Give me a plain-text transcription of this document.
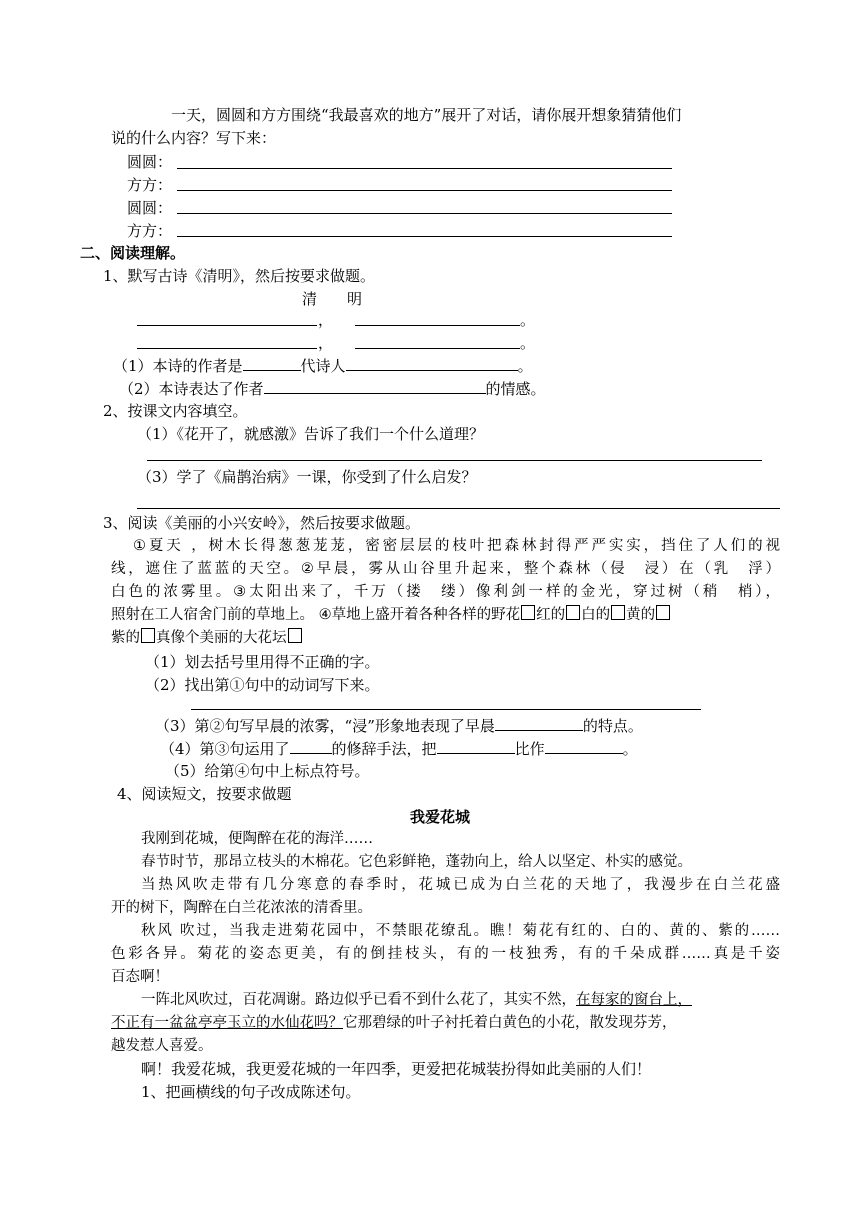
一天，圆圆和方方围绕“我最喜欢的地方”展开了对话，请你展开想象猜猜他们
说的什么内容？写下来：
圆圆：
方方：
圆圆：
方方：
二、阅读理解。
1、默写古诗《清明》，然后按要求做题。
清　　明
，	。
，	。
（1）本诗的作者是	代诗人	。
（2）本诗表达了作者	的情感。
2、按课文内容填空。
（1）《花开了，就感激》告诉了我们一个什么道理？
（3）学了《扁鹊治病》一课，你受到了什么启发？
3、阅读《美丽的小兴安岭》，然后按要求做题。
①夏天 ，树木长得葱葱茏茏，密密层层的枝叶把森林封得严严实实，挡住了人们的视
线，遮住了蓝蓝的天空。②早晨，雾从山谷里升起来，整个森林（侵　浸）在（乳　浮）
白色的浓雾里。③太阳出来了，千万（搂　缕）像利剑一样的金光，穿过树（稍　梢），
照射在工人宿舍门前的草地上。 ④草地上盛开着各种各样的野花 红的 白的 黄的
紫的 真像个美丽的大花坛
（1）划去括号里用得不正确的字。
（2）找出第①句中的动词写下来。
（3）第②句写早晨的浓雾，“浸”形象地表现了早晨	的特点。
（4）第③句运用了	的修辞手法，把	比作	。
（5）给第④句中上标点符号。
4、阅读短文，按要求做题
我爱花城
我刚到花城，便陶醉在花的海洋……
春节时节，那昂立枝头的木棉花。它色彩鲜艳，蓬勃向上，给人以坚定、朴实的感觉。
当热风吹走带有几分寒意的春季时，花城已成为白兰花的天地了，我漫步在白兰花盛
开的树下，陶醉在白兰花浓浓的清香里。
秋风 吹过，当我走进菊花园中，不禁眼花缭乱。瞧！菊花有红的、白的、黄的、紫的……
色彩各异。菊花的姿态更美，有的倒挂枝头，有的一枝独秀，有的千朵成群……真是千姿
百态啊！
一阵北风吹过，百花凋谢。路边似乎已看不到什么花了，其实不然，在每家的窗台上，
不正有一盆盆亭亭玉立的水仙花吗？它那碧绿的叶子衬托着白黄色的小花，散发现芬芳，
越发惹人喜爱。
啊！我爱花城，我更爱花城的一年四季，更爱把花城装扮得如此美丽的人们！
1、把画横线的句子改成陈述句。
